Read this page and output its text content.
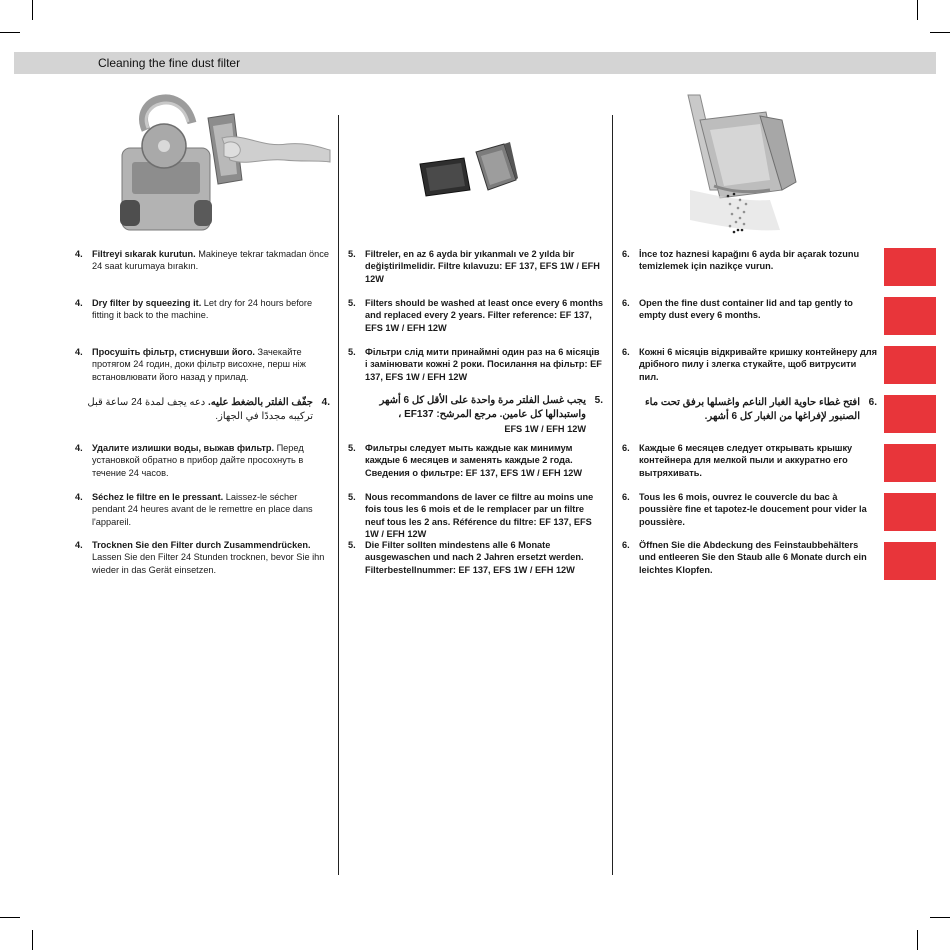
Cleaning the fine dust filter
4. Filtreyi sıkarak kurutun. Makineye tekrar takmadan önce 24 saat kurumaya bırakın.
4. Dry filter by squeezing it. Let dry for 24 hours before fitting it back to the machine.
4. Просушіть фільтр, стиснувши його. Зачекайте протягом 24 годин, доки фільтр висохне, перш ніж встановлювати його назад у прилад.
.4
جفّف الفلتر بالضغط عليه. دعه يجف لمدة 24 ساعة قبل تركيبه مجددًا في الجهاز.
4. Удалите излишки воды, выжав фильтр. Перед установкой обратно в прибор дайте просохнуть в течение 24 часов.
4. Séchez le filtre en le pressant. Laissez-le sécher pendant 24 heures avant de le remettre en place dans l'appareil.
4. Trocknen Sie den Filter durch Zusammendrücken. Lassen Sie den Filter 24 Stunden trocknen, bevor Sie ihn wieder in das Gerät einsetzen.
5. Filtreler, en az 6 ayda bir yıkanmalı ve 2 yılda bir değiştirilmelidir. Filtre kılavuzu: EF 137, EFS 1W / EFH 12W
5. Filters should be washed at least once every 6 months and replaced every 2 years. Filter reference: EF 137, EFS 1W / EFH 12W
5. Фільтри слід мити принаймні один раз на 6 місяців і замінювати кожні 2 роки. Посилання на фільтр: EF 137, EFS 1W / EFH 12W
.5
يجب غسل الفلتر مرة واحدة على الأقل كل 6 أشهر واستبدالها كل عامين. مرجع المرشح: EF137 ،
EFS 1W / EFH 12W
5. Фильтры следует мыть каждые как минимум каждые 6 месяцев и заменять каждые 2 года. Сведения о фильтре: EF 137, EFS 1W / EFH 12W
5. Nous recommandons de laver ce filtre au moins une fois tous les 6 mois et de le remplacer par un filtre neuf tous les 2 ans. Référence du filtre: EF 137, EFS 1W / EFH 12W
5. Die Filter sollten mindestens alle 6 Monate ausgewaschen und nach 2 Jahren ersetzt werden. Filterbestellnummer: EF 137, EFS 1W / EFH 12W
6. İnce toz haznesi kapağını 6 ayda bir açarak tozunu temizlemek için nazikçe vurun.
6. Open the fine dust container lid and tap gently to empty dust every 6 months.
6. Кожні 6 місяців відкривайте кришку контейнеру для дрібного пилу і злегка стукайте, щоб витрусити пил.
.6
افتح غطاء حاوية الغبار الناعم واغسلها برفق تحت ماء الصنبور لإفراغها من الغبار كل 6 أشهر.
6. Каждые 6 месяцев следует открывать крышку контейнера для мелкой пыли и аккуратно его вытряхивать.
6. Tous les 6 mois, ouvrez le couvercle du bac à poussière fine et tapotez-le doucement pour vider la poussière.
6. Öffnen Sie die Abdeckung des Feinstaubbehälters und entleeren Sie den Staub alle 6 Monate durch ein leichtes Klopfen.
